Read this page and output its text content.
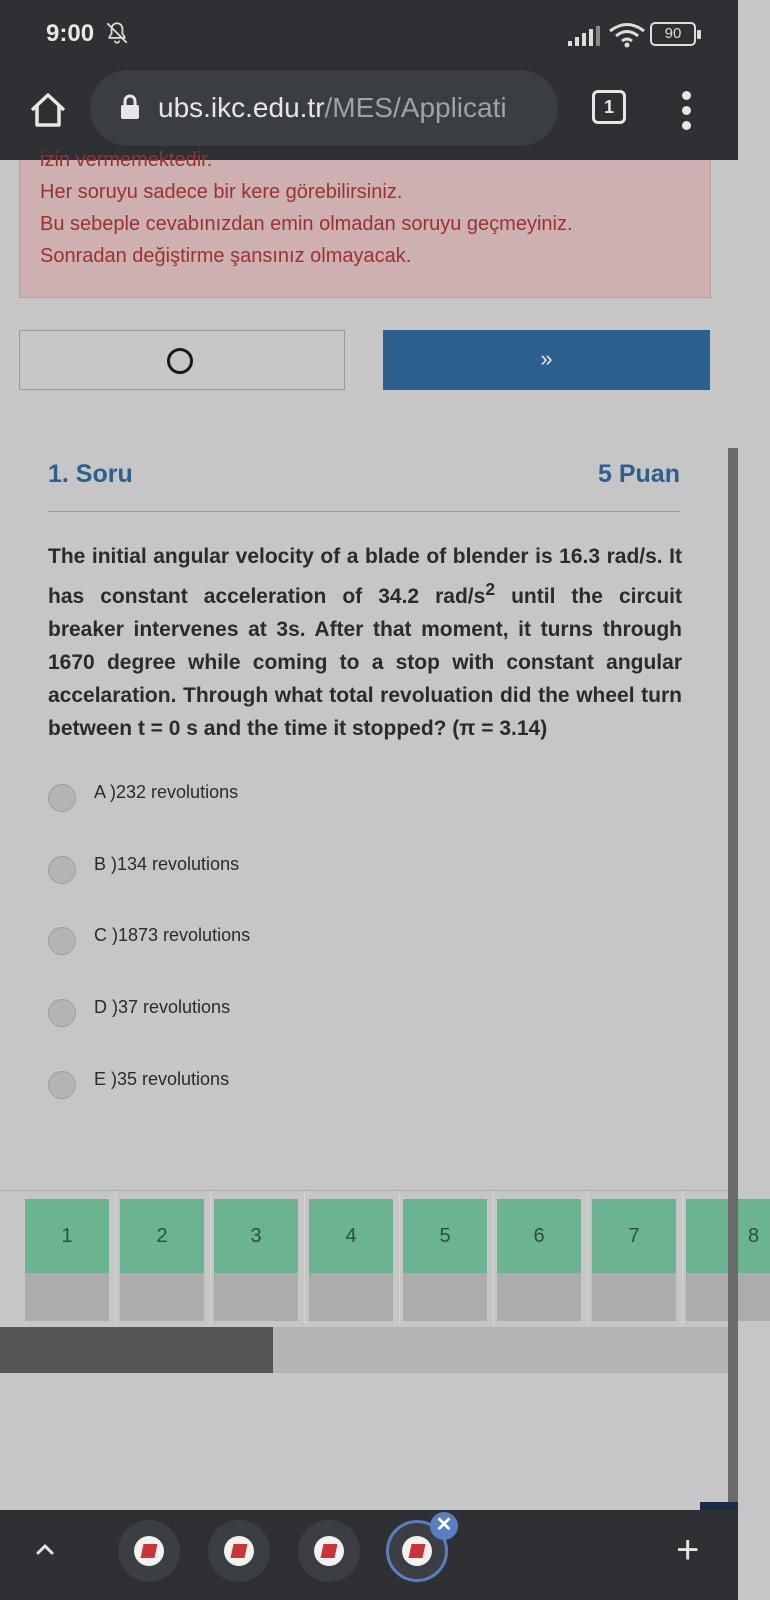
9:00	90
ubs.ikc.edu.tr/MES/Applicati	1

izin vermemektedir.

Her soruyu sadece bir kere görebilirsiniz.

Bu sebeple cevabınızdan emin olmadan soruyu geçmeyiniz.

Sonradan değiştirme şansınız olmayacak.

»
1. Soru	5 Puan
The initial angular velocity of a blade of blender is 16.3 rad/s. It has constant acceleration of 34.2 rad/$s^2$ until the circuit breaker intervenes at 3s. After that moment, it turns through 1670 degree while coming to a stop with constant angular accelaration. Through what total revoluation did the wheel turn between t = 0 s and the time it stopped? (π = 3.14)
A )232 revolutions
B )134 revolutions
C )1873 revolutions
D )37 revolutions
E )35 revolutions
1	2	3	4	5	6	7	8
✕
+
